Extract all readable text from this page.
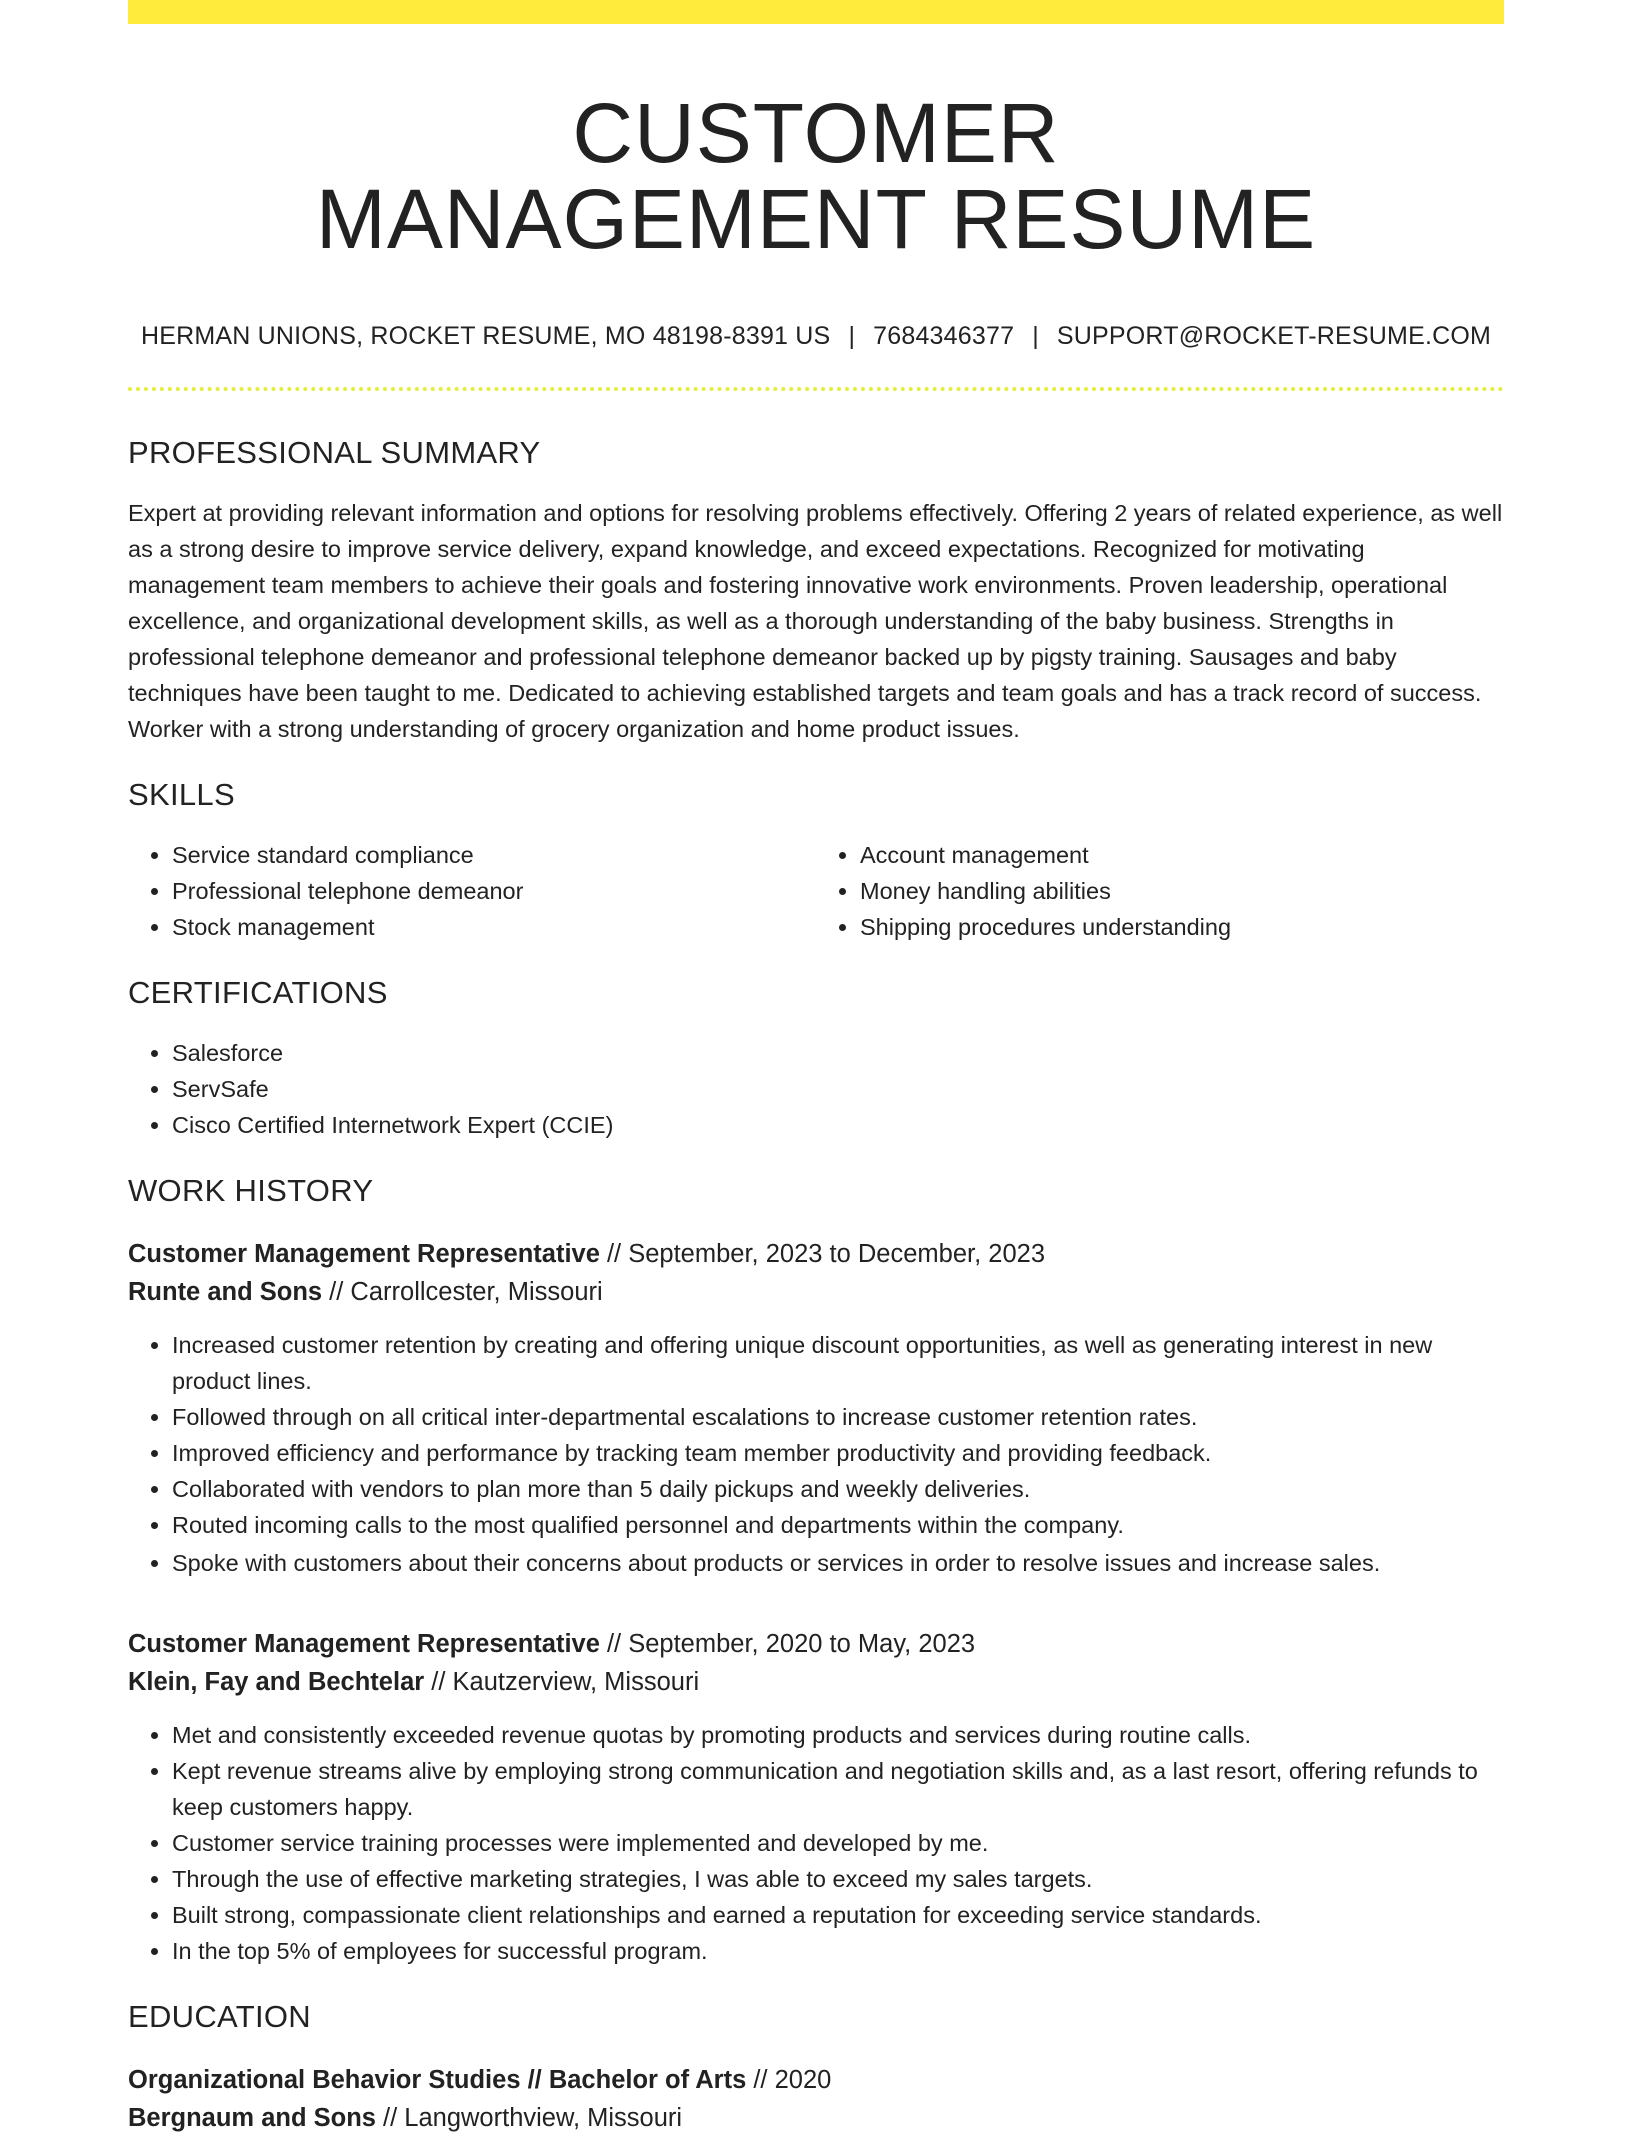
CUSTOMER
MANAGEMENT RESUME
HERMAN UNIONS, ROCKET RESUME, MO 48198-8391 US | 7684346377 | SUPPORT@ROCKET-RESUME.COM
PROFESSIONAL SUMMARY
Expert at providing relevant information and options for resolving problems effectively. Offering 2 years of related experience, as well as a strong desire to improve service delivery, expand knowledge, and exceed expectations. Recognized for motivating management team members to achieve their goals and fostering innovative work environments. Proven leadership, operational excellence, and organizational development skills, as well as a thorough understanding of the baby business. Strengths in professional telephone demeanor and professional telephone demeanor backed up by pigsty training. Sausages and baby techniques have been taught to me. Dedicated to achieving established targets and team goals and has a track record of success. Worker with a strong understanding of grocery organization and home product issues.
SKILLS
• Service standard compliance
• Professional telephone demeanor
• Stock management
• Account management
• Money handling abilities
• Shipping procedures understanding
CERTIFICATIONS
• Salesforce
• ServSafe
• Cisco Certified Internetwork Expert (CCIE)
WORK HISTORY
Customer Management Representative // September, 2023 to December, 2023
Runte and Sons // Carrollcester, Missouri
• Increased customer retention by creating and offering unique discount opportunities, as well as generating interest in new product lines.
• Followed through on all critical inter-departmental escalations to increase customer retention rates.
• Improved efficiency and performance by tracking team member productivity and providing feedback.
• Collaborated with vendors to plan more than 5 daily pickups and weekly deliveries.
• Routed incoming calls to the most qualified personnel and departments within the company.
• Spoke with customers about their concerns about products or services in order to resolve issues and increase sales.
Customer Management Representative // September, 2020 to May, 2023
Klein, Fay and Bechtelar // Kautzerview, Missouri
• Met and consistently exceeded revenue quotas by promoting products and services during routine calls.
• Kept revenue streams alive by employing strong communication and negotiation skills and, as a last resort, offering refunds to keep customers happy.
• Customer service training processes were implemented and developed by me.
• Through the use of effective marketing strategies, I was able to exceed my sales targets.
• Built strong, compassionate client relationships and earned a reputation for exceeding service standards.
• In the top 5% of employees for successful program.
EDUCATION
Organizational Behavior Studies // Bachelor of Arts // 2020
Bergnaum and Sons // Langworthview, Missouri
